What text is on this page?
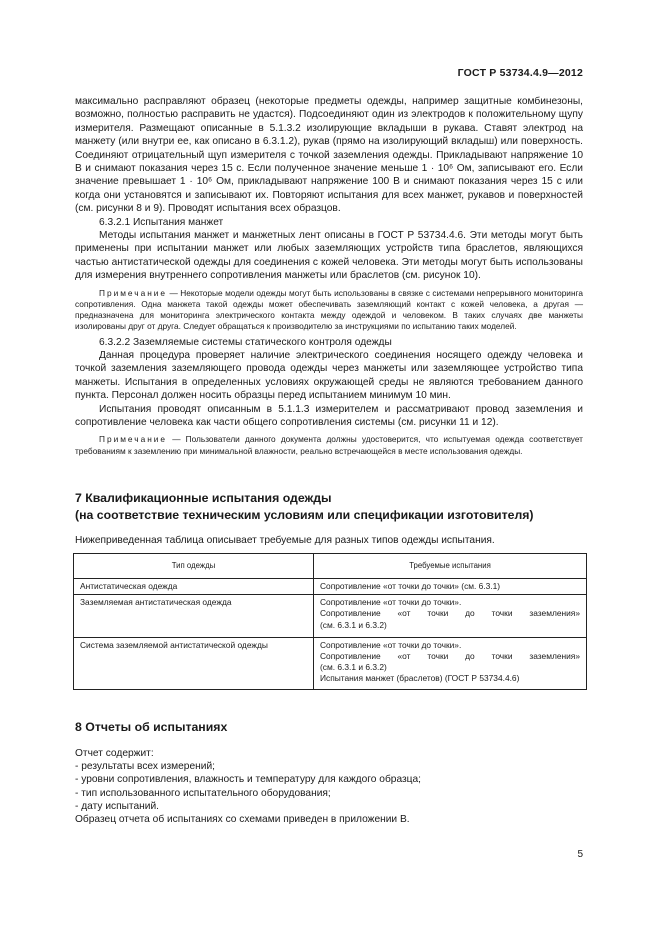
ГОСТ Р 53734.4.9—2012

максимально расправляют образец (некоторые предметы одежды, например защитные комбинезоны, возможно, полностью расправить не удастся). Подсоединяют один из электродов к положительному щупу измерителя. Размещают описанные в 5.1.3.2 изолирующие вкладыши в рукава. Ставят электрод на манжету (или внутри ее, как описано в 6.3.1.2), рукав (прямо на изолирующий вкладыш) или поверхность. Соединяют отрицательный щуп измерителя с точкой заземления одежды. Прикладывают напряжение 10 В и снимают показания через 15 с. Если полученное значение меньше 1 · 10⁶ Ом, записывают его. Если значение превышает 1 · 10⁶ Ом, прикладывают напряжение 100 В и снимают показания через 15 с или когда они установятся и записывают их. Повторяют испытания для всех манжет, рукавов и поверхностей (см. рисунки 8 и 9). Проводят испытания всех образцов.

6.3.2.1 Испытания манжет

Методы испытания манжет и манжетных лент описаны в ГОСТ Р 53734.4.6. Эти методы могут быть применены при испытании манжет или любых заземляющих устройств типа браслетов, являющихся частью антистатической одежды для соединения с кожей человека. Эти методы могут быть использованы для измерения внутреннего сопротивления манжеты или браслетов (см. рисунок 10).

Примечание — Некоторые модели одежды могут быть использованы в связке с системами непрерывного мониторинга сопротивления. Одна манжета такой одежды может обеспечивать заземляющий контакт с кожей человека, а другая — предназначена для мониторинга электрического контакта между одеждой и человеком. В таких случаях две манжеты изолированы друг от друга. Следует обращаться к производителю за инструкциями по испытанию таких моделей.

6.3.2.2 Заземляемые системы статического контроля одежды

Данная процедура проверяет наличие электрического соединения носящего одежду человека и точкой заземления заземляющего провода одежды через манжеты или заземляющее устройство типа манжеты. Испытания в определенных условиях окружающей среды не являются требованием данного пункта. Персонал должен носить образцы перед испытанием минимум 10 мин.

Испытания проводят описанным в 5.1.1.3 измерителем и рассматривают провод заземления и сопротивление человека как части общего сопротивления системы (см. рисунки 11 и 12).

Примечание — Пользователи данного документа должны удостоверится, что испытуемая одежда соответствует требованиям к заземлению при минимальной влажности, реально встречающейся в месте использования одежды.

7 Квалификационные испытания одежды
(на соответствие техническим условиям или спецификации изготовителя)
Нижеприведенная таблица описывает требуемые для разных типов одежды испытания.
Тип одежды	Требуемые испытания
Антистатическая одежда	Сопротивление «от точки до точки» (см. 6.3.1)

Заземляемая антистатическая одежда	Сопротивление «от точки до точки».
Сопротивление «от точки до точки заземления»
(см. 6.3.1 и 6.3.2)

Система заземляемой антистатической одежды	Сопротивление «от точки до точки».
Сопротивление «от точки до точки заземления»
(см. 6.3.1 и 6.3.2)
Испытания манжет (браслетов) (ГОСТ Р 53734.4.6)
8 Отчеты об испытаниях
Отчет содержит:
- результаты всех измерений;
- уровни сопротивления, влажность и температуру для каждого образца;
- тип использованного испытательного оборудования;
- дату испытаний.
Образец отчета об испытаниях со схемами приведен в приложении В.
5
